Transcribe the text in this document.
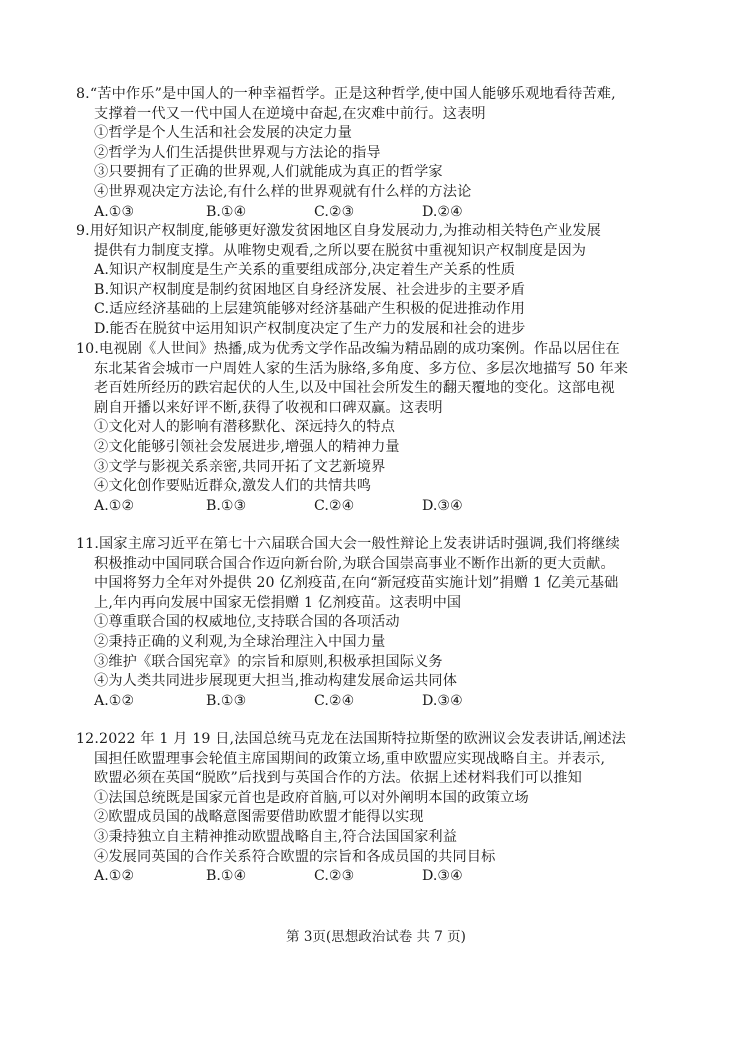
8.“苦中作乐”是中国人的一种幸福哲学。正是这种哲学,使中国人能够乐观地看待苦难,
支撑着一代又一代中国人在逆境中奋起,在灾难中前行。这表明
①哲学是个人生活和社会发展的决定力量
②哲学为人们生活提供世界观与方法论的指导
③只要拥有了正确的世界观,人们就能成为真正的哲学家
④世界观决定方法论,有什么样的世界观就有什么样的方法论
A.①③	B.①④	C.②③	D.②④
9.用好知识产权制度,能够更好激发贫困地区自身发展动力,为推动相关特色产业发展
提供有力制度支撑。从唯物史观看,之所以要在脱贫中重视知识产权制度是因为
A.知识产权制度是生产关系的重要组成部分,决定着生产关系的性质
B.知识产权制度是制约贫困地区自身经济发展、社会进步的主要矛盾
C.适应经济基础的上层建筑能够对经济基础产生积极的促进推动作用
D.能否在脱贫中运用知识产权制度决定了生产力的发展和社会的进步
10.电视剧《人世间》热播,成为优秀文学作品改编为精品剧的成功案例。作品以居住在
东北某省会城市一户周姓人家的生活为脉络,多角度、多方位、多层次地描写 50 年来
老百姓所经历的跌宕起伏的人生,以及中国社会所发生的翻天覆地的变化。这部电视
剧自开播以来好评不断,获得了收视和口碑双赢。这表明
①文化对人的影响有潜移默化、深远持久的特点
②文化能够引领社会发展进步,增强人的精神力量
③文学与影视关系亲密,共同开拓了文艺新境界
④文化创作要贴近群众,激发人们的共情共鸣
A.①②	B.①③	C.②④	D.③④
11.国家主席习近平在第七十六届联合国大会一般性辩论上发表讲话时强调,我们将继续
积极推动中国同联合国合作迈向新台阶,为联合国崇高事业不断作出新的更大贡献。
中国将努力全年对外提供 20 亿剂疫苗,在向“新冠疫苗实施计划”捐赠 1 亿美元基础
上,年内再向发展中国家无偿捐赠 1 亿剂疫苗。这表明中国
①尊重联合国的权威地位,支持联合国的各项活动
②秉持正确的义利观,为全球治理注入中国力量
③维护《联合国宪章》的宗旨和原则,积极承担国际义务
④为人类共同进步展现更大担当,推动构建发展命运共同体
A.①②	B.①③	C.②④	D.③④
12.2022 年 1 月 19 日,法国总统马克龙在法国斯特拉斯堡的欧洲议会发表讲话,阐述法
国担任欧盟理事会轮值主席国期间的政策立场,重申欧盟应实现战略自主。并表示,
欧盟必须在英国“脱欧”后找到与英国合作的方法。依据上述材料我们可以推知
①法国总统既是国家元首也是政府首脑,可以对外阐明本国的政策立场
②欧盟成员国的战略意图需要借助欧盟才能得以实现
③秉持独立自主精神推动欧盟战略自主,符合法国国家利益
④发展同英国的合作关系符合欧盟的宗旨和各成员国的共同目标
A.①②	B.①④	C.②③	D.③④
第 3页(思想政治试卷 共 7 页)
